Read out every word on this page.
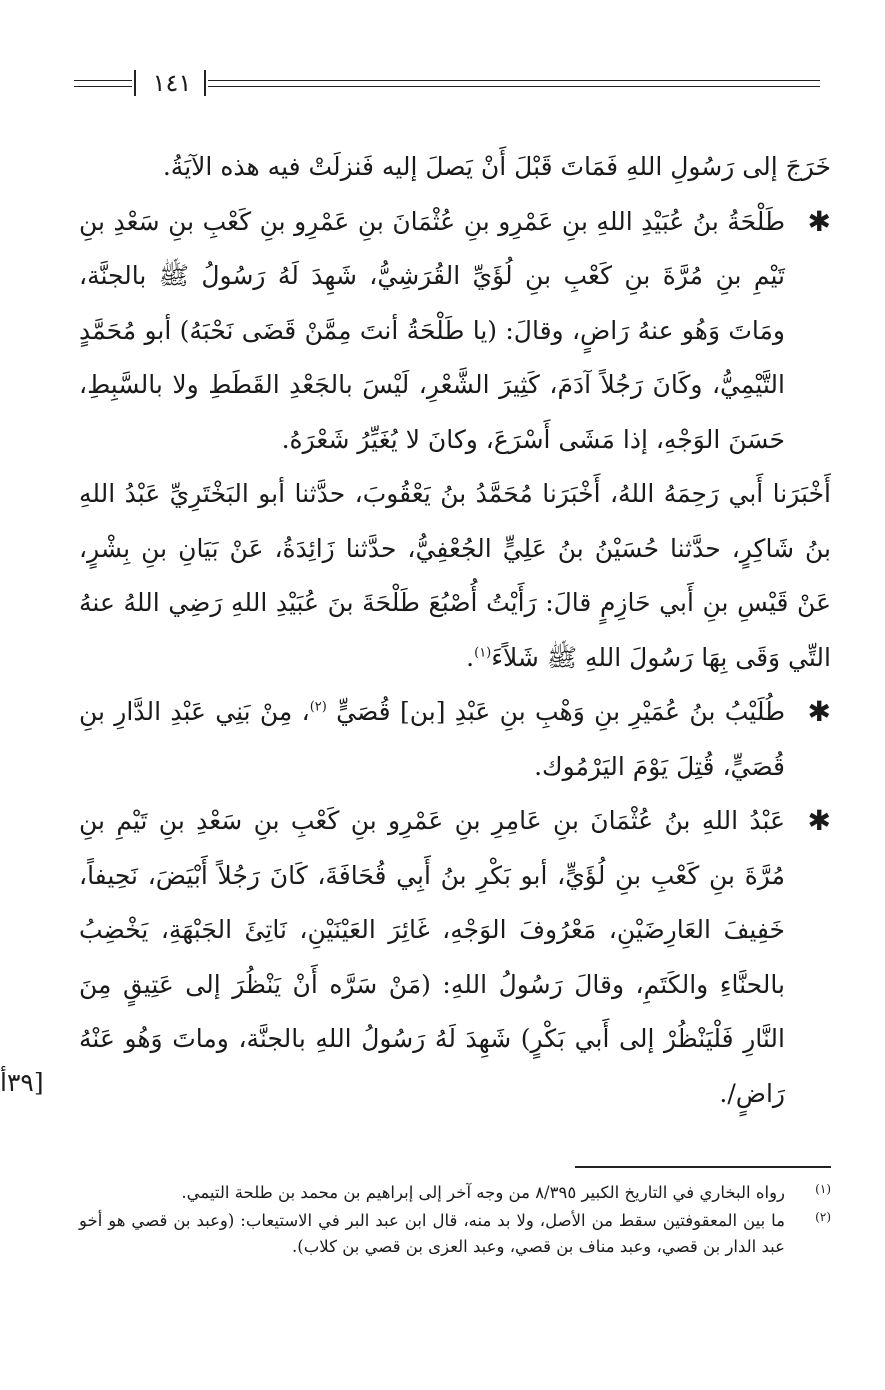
١٤١

خَرَجَ إلى رَسُولِ اللهِ فَمَاتَ قَبْلَ أَنْ يَصلَ إليه فَنزلَتْ فيه هذه الآيَةُ.

✱
طَلْحَةُ بنُ عُبَيْدِ اللهِ بنِ عَمْرِو بنِ عُثْمَانَ بنِ عَمْرِو بنِ كَعْبِ بنِ سَعْدِ بنِ تَيْمِ بنِ مُرَّةَ بنِ كَعْبِ بنِ لُؤَيِّ القُرَشِيُّ، شَهِدَ لَهُ رَسُولُ ﷺ بالجنَّة، ومَاتَ وَهُو عنهُ رَاضٍ، وقالَ: (يا طَلْحَةُ أنتَ مِمَّنْ قَضَى نَحْبَهُ) أبو مُحَمَّدٍ التَّيْمِيُّ، وكَانَ رَجُلاً آدَمَ، كَثِيرَ الشَّعْرِ، لَيْسَ بالجَعْدِ القَطَطِ ولا بالسَّبِطِ، حَسَنَ الوَجْهِ، إذا مَشَى أَسْرَعَ، وكانَ لا يُغَيِّرُ شَعْرَهُ.

أَخْبَرَنا أَبي رَحِمَهُ اللهُ، أَخْبَرَنا مُحَمَّدُ بنُ يَعْقُوبَ، حدَّثنا أبو البَخْتَرِيِّ عَبْدُ اللهِ بنُ شَاكِرٍ، حدَّثنا حُسَيْنُ بنُ عَلِيٍّ الجُعْفِيُّ، حدَّثنا زَائِدَةُ، عَنْ بَيَانِ بنِ بِشْرٍ، عَنْ قَيْسِ بنِ أَبي حَازِمٍ قالَ: رَأَيْتُ أُصْبُعَ طَلْحَةَ بنَ عُبَيْدِ اللهِ رَضِي اللهُ عنهُ التِّي وَقَى بِهَا رَسُولَ اللهِ ﷺ شَلاًءَ$^{(١)}$.

✱
طُلَيْبُ بنُ عُمَيْرِ بنِ وَهْبِ بنِ عَبْدِ [بن] قُصَيٍّ $^{(٢)}$، مِنْ بَنِي عَبْدِ الدَّارِ بنِ قُصَيٍّ، قُتِلَ يَوْمَ اليَرْمُوك.

✱
عَبْدُ اللهِ بنُ عُثْمَانَ بنِ عَامِرِ بنِ عَمْرِو بنِ كَعْبِ بنِ سَعْدِ بنِ تَيْمِ بنِ مُرَّةَ بنِ كَعْبِ بنِ لُؤَيٍّ، أبو بَكْرِ بنُ أَبِي قُحَافَةَ، كَانَ رَجُلاً أَبْيَضَ، نَحِيفاً، خَفِيفَ العَارِضَيْنِ، مَعْرُوفَ الوَجْهِ، غَائِرَ العَيْنَيْنِ، نَاتِئَ الجَبْهَةِ، يَخْضِبُ بالحنَّاءِ والكَتَمِ، وقالَ رَسُولُ اللهِ: (مَنْ سَرَّه أَنْ يَنْظُرَ إلى عَتِيقٍ مِنَ النَّارِ فَلْيَنْظُرْ إلى أَبي بَكْرٍ) شَهِدَ لَهُ رَسُولُ اللهِ بالجنَّة، وماتَ وَهُو عَنْهُ رَاضٍ/.

[٣٩أ

(١)
رواه البخاري في التاريخ الكبير ٨/٣٩٥ من وجه آخر إلى إبراهيم بن محمد بن طلحة التيمي.

(٢)
ما بين المعقوفتين سقط من الأصل، ولا بد منه، قال ابن عبد البر في الاستيعاب: (وعبد بن قصي هو أخو عبد الدار بن قصي، وعبد مناف بن قصي، وعبد العزى بن قصي بن كلاب).
